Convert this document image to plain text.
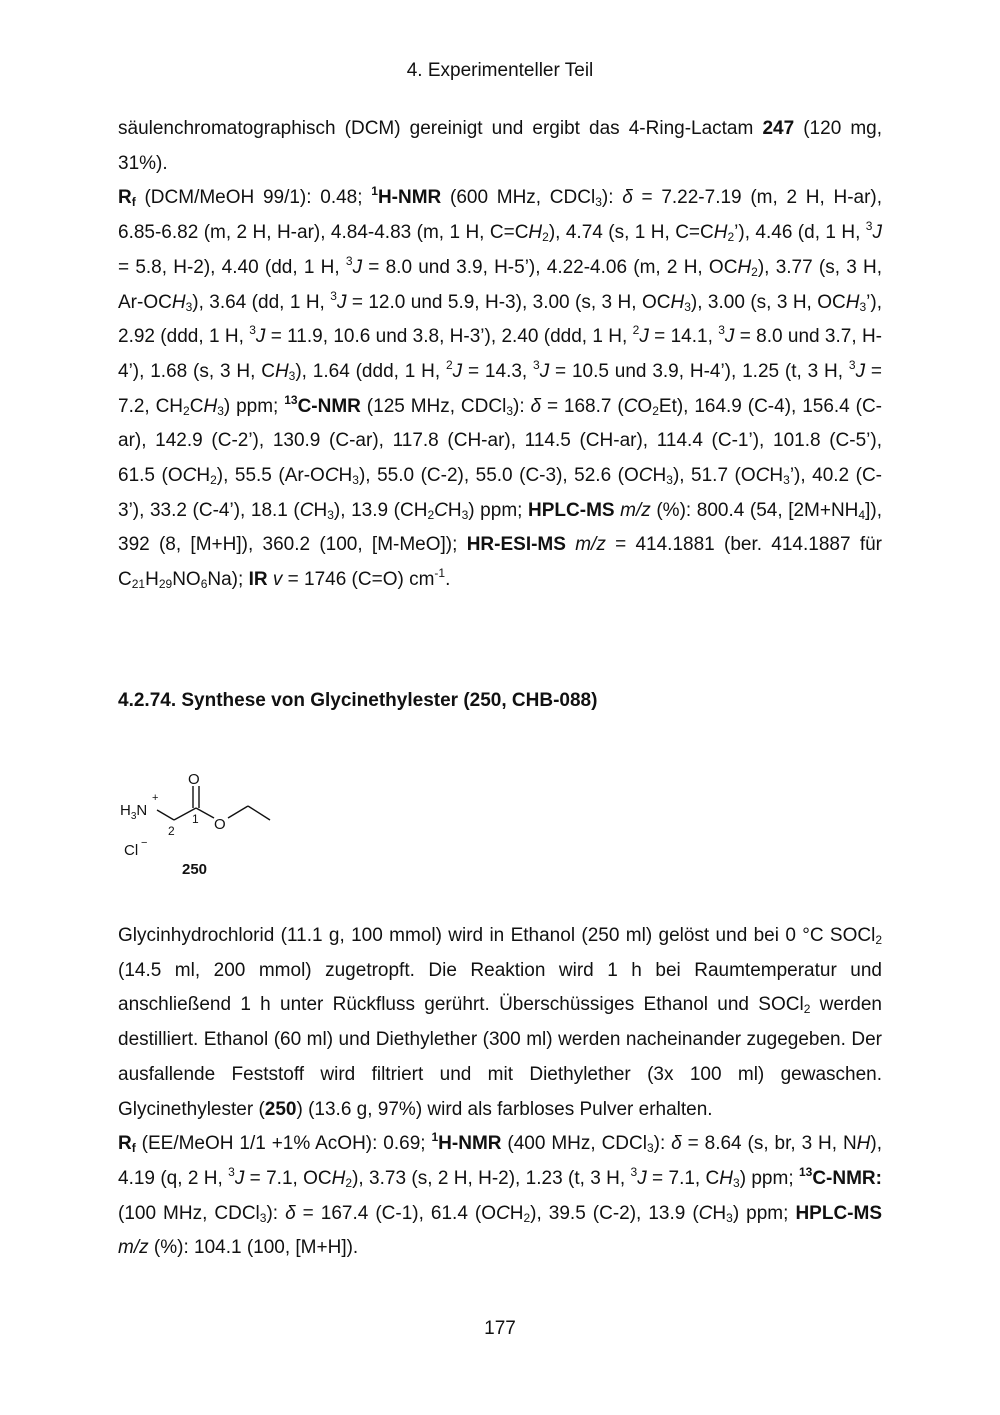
4. Experimenteller Teil

säulenchromatographisch (DCM) gereinigt und ergibt das 4-Ring-Lactam 247 (120 mg, 31%).
$R_f$ (DCM/MeOH 99/1): 0.48; $^1$H-NMR (600 MHz, CDCl$_3$): δ = 7.22-7.19 (m, 2 H, H-ar), 6.85-6.82 (m, 2 H, H-ar), 4.84-4.83 (m, 1 H, $C=CH_2$), 4.74 (s, 1 H, $C=CH_2$’), 4.46 (d, 1 H, $^3$J = 5.8, H-2), 4.40 (dd, 1 H, $^3$J = 8.0 und 3.9, H-5’), 4.22-4.06 (m, 2 H, $OCH_2$), 3.77 (s, 3 H, $Ar-OCH_3$), 3.64 (dd, 1 H, $^3$J = 12.0 und 5.9, H-3), 3.00 (s, 3 H, $OCH_3$), 3.00 (s, 3 H, $OCH_3$’), 2.92 (ddd, 1 H, $^3$J = 11.9, 10.6 und 3.8, H-3’), 2.40 (ddd, 1 H, $^2$J = 14.1, $^3$J = 8.0 und 3.7, H-4’), 1.68 (s, 3 H, $CH_3$), 1.64 (ddd, 1 H, $^2$J = 14.3, $^3$J = 10.5 und 3.9, H-4’), 1.25 (t, 3 H, $^3$J = 7.2, $CH_2CH_3$) ppm; $^{13}$C-NMR (125 MHz, CDCl$_3$): δ = 168.7 $(CO_2Et)$, 164.9 (C-4), 156.4 (C-ar), 142.9 (C-2’), 130.9 (C-ar), 117.8 (CH-ar), 114.5 (CH-ar), 114.4 (C-1’), 101.8 (C-5’), 61.5 $(OCH_2)$, 55.5 $(Ar-OCH_3)$, 55.0 (C-2), 55.0 (C-3), 52.6 $(OCH_3)$, 51.7 $(OCH_3’)$, 40.2 (C-3’), 33.2 (C-4’), 18.1 $(CH_3)$, 13.9 $(CH_2CH_3)$ ppm; HPLC-MS m/z (%): 800.4 (54, $[2M+NH_4]$), 392 (8, [M+H]), 360.2 (100, [M-MeO]); HR-ESI-MS m/z = 414.1881 (ber. 414.1887 für $C_{21}H_{29}NO_6Na$); IR v = 1746 (C=O) $cm^{-1}$.

4.2.74. Synthese von Glycinethylester (250, CHB-088)
O
O
$H_3N$
+
Cl −
2
1
250

Glycinhydrochlorid (11.1 g, 100 mmol) wird in Ethanol (250 ml) gelöst und bei 0 °C SOCl$_2$ (14.5 ml, 200 mmol) zugetropft. Die Reaktion wird 1 h bei Raumtemperatur und anschließend 1 h unter Rückfluss gerührt. Überschüssiges Ethanol und SOCl$_2$ werden destilliert. Ethanol (60 ml) und Diethylether (300 ml) werden nacheinander zugegeben. Der ausfallende Feststoff wird filtriert und mit Diethylether (3x 100 ml) gewaschen. Glycinethylester (250) (13.6 g, 97%) wird als farbloses Pulver erhalten.
$R_f$ (EE/MeOH 1/1 +1% AcOH): 0.69; $^1$H-NMR (400 MHz, CDCl$_3$): δ = 8.64 (s, br, 3 H, NH), 4.19 (q, 2 H, $^3$J = 7.1, $OCH_2$), 3.73 (s, 2 H, H-2), 1.23 (t, 3 H, $^3$J = 7.1, $CH_3$) ppm; $^{13}$C-NMR: (100 MHz, CDCl$_3$): δ = 167.4 (C-1), 61.4 $(OCH_2)$, 39.5 (C-2), 13.9 $(CH_3)$ ppm; HPLC-MS m/z (%): 104.1 (100, [M+H]).

177
